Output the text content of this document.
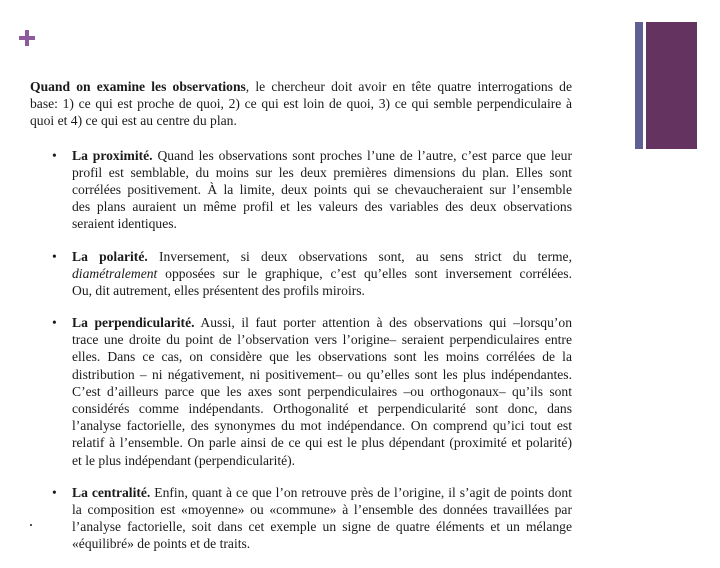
Quand on examine les observations, le chercheur doit avoir en tête quatre interrogations de
base: 1) ce qui est proche de quoi, 2) ce qui est loin de quoi, 3) ce qui semble perpendiculaire à
quoi et 4) ce qui est au centre du plan.
• La proximité. Quand les observations sont proches l’une de l’autre, c’est parce que leur
profil est semblable, du moins sur les deux premières dimensions du plan. Elles sont
corrélées positivement. À la limite, deux points qui se chevaucheraient sur l’ensemble
des plans auraient un même profil et les valeurs des variables des deux observations
seraient identiques.
• La polarité. Inversement, si deux observations sont, au sens strict du terme,
diamétralement opposées sur le graphique, c’est qu’elles sont inversement corrélées.
Ou, dit autrement, elles présentent des profils miroirs.
• La perpendicularité. Aussi, il faut porter attention à des observations qui –lorsqu’on
trace une droite du point de l’observation vers l’origine– seraient perpendiculaires entre
elles. Dans ce cas, on considère que les observations sont les moins corrélées de la
distribution – ni négativement, ni positivement– ou qu’elles sont les plus indépendantes.
C’est d’ailleurs parce que les axes sont perpendiculaires –ou orthogonaux– qu’ils sont
considérés comme indépendants. Orthogonalité et perpendicularité sont donc, dans
l’analyse factorielle, des synonymes du mot indépendance. On comprend qu’ici tout est
relatif à l’ensemble. On parle ainsi de ce qui est le plus dépendant (proximité et polarité)
et le plus indépendant (perpendicularité).
• La centralité. Enfin, quant à ce que l’on retrouve près de l’origine, il s’agit de points dont
la composition est «moyenne» ou «commune» à l’ensemble des données travaillées par
l’analyse factorielle, soit dans cet exemple un signe de quatre éléments et un mélange
«équilibré» de points et de traits.
